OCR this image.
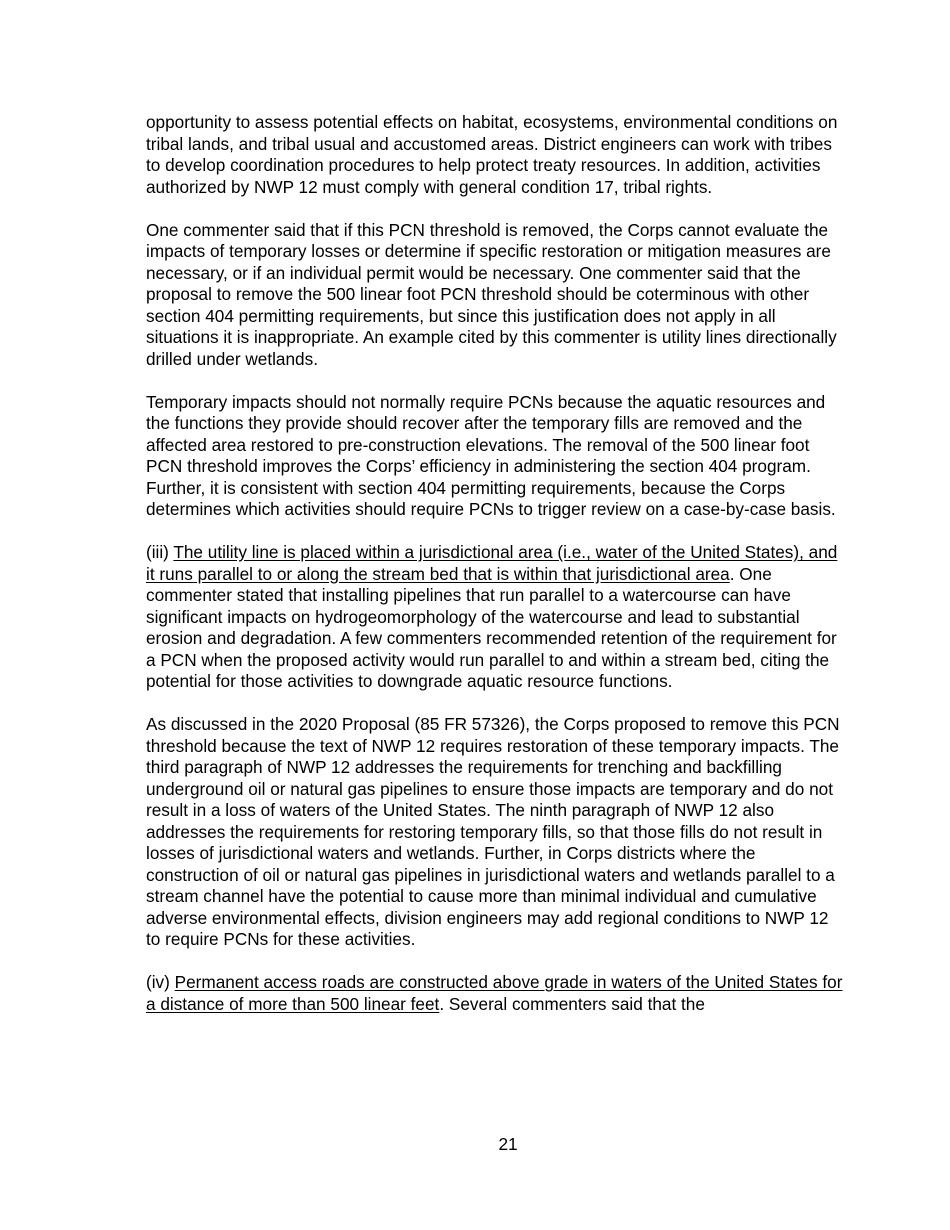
opportunity to assess potential effects on habitat, ecosystems, environmental conditions on tribal lands, and tribal usual and accustomed areas. District engineers can work with tribes to develop coordination procedures to help protect treaty resources. In addition, activities authorized by NWP 12 must comply with general condition 17, tribal rights.

One commenter said that if this PCN threshold is removed, the Corps cannot evaluate the impacts of temporary losses or determine if specific restoration or mitigation measures are necessary, or if an individual permit would be necessary. One commenter said that the proposal to remove the 500 linear foot PCN threshold should be coterminous with other section 404 permitting requirements, but since this justification does not apply in all situations it is inappropriate. An example cited by this commenter is utility lines directionally drilled under wetlands.

Temporary impacts should not normally require PCNs because the aquatic resources and the functions they provide should recover after the temporary fills are removed and the affected area restored to pre-construction elevations. The removal of the 500 linear foot PCN threshold improves the Corps’ efficiency in administering the section 404 program. Further, it is consistent with section 404 permitting requirements, because the Corps determines which activities should require PCNs to trigger review on a case-by-case basis.

(iii) The utility line is placed within a jurisdictional area (i.e., water of the United States), and it runs parallel to or along the stream bed that is within that jurisdictional area. One commenter stated that installing pipelines that run parallel to a watercourse can have significant impacts on hydrogeomorphology of the watercourse and lead to substantial erosion and degradation. A few commenters recommended retention of the requirement for a PCN when the proposed activity would run parallel to and within a stream bed, citing the potential for those activities to downgrade aquatic resource functions.

As discussed in the 2020 Proposal (85 FR 57326), the Corps proposed to remove this PCN threshold because the text of NWP 12 requires restoration of these temporary impacts. The third paragraph of NWP 12 addresses the requirements for trenching and backfilling underground oil or natural gas pipelines to ensure those impacts are temporary and do not result in a loss of waters of the United States. The ninth paragraph of NWP 12 also addresses the requirements for restoring temporary fills, so that those fills do not result in losses of jurisdictional waters and wetlands. Further, in Corps districts where the construction of oil or natural gas pipelines in jurisdictional waters and wetlands parallel to a stream channel have the potential to cause more than minimal individual and cumulative adverse environmental effects, division engineers may add regional conditions to NWP 12 to require PCNs for these activities.

(iv) Permanent access roads are constructed above grade in waters of the United States for a distance of more than 500 linear feet. Several commenters said that the

21
